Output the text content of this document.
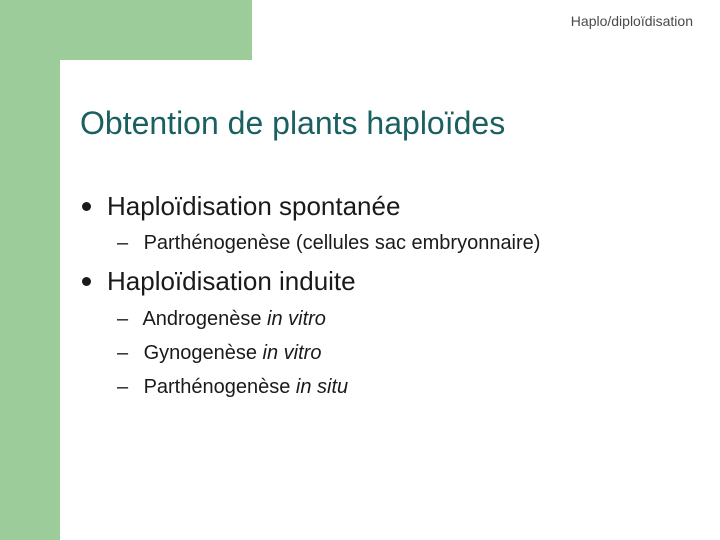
Haplo/diploïdisation
Obtention de plants haploïdes
Haploïdisation spontanée
– Parthénogenèse (cellules sac embryonnaire)
Haploïdisation induite
– Androgenèse in vitro
– Gynogenèse in vitro
– Parthénogenèse in situ
